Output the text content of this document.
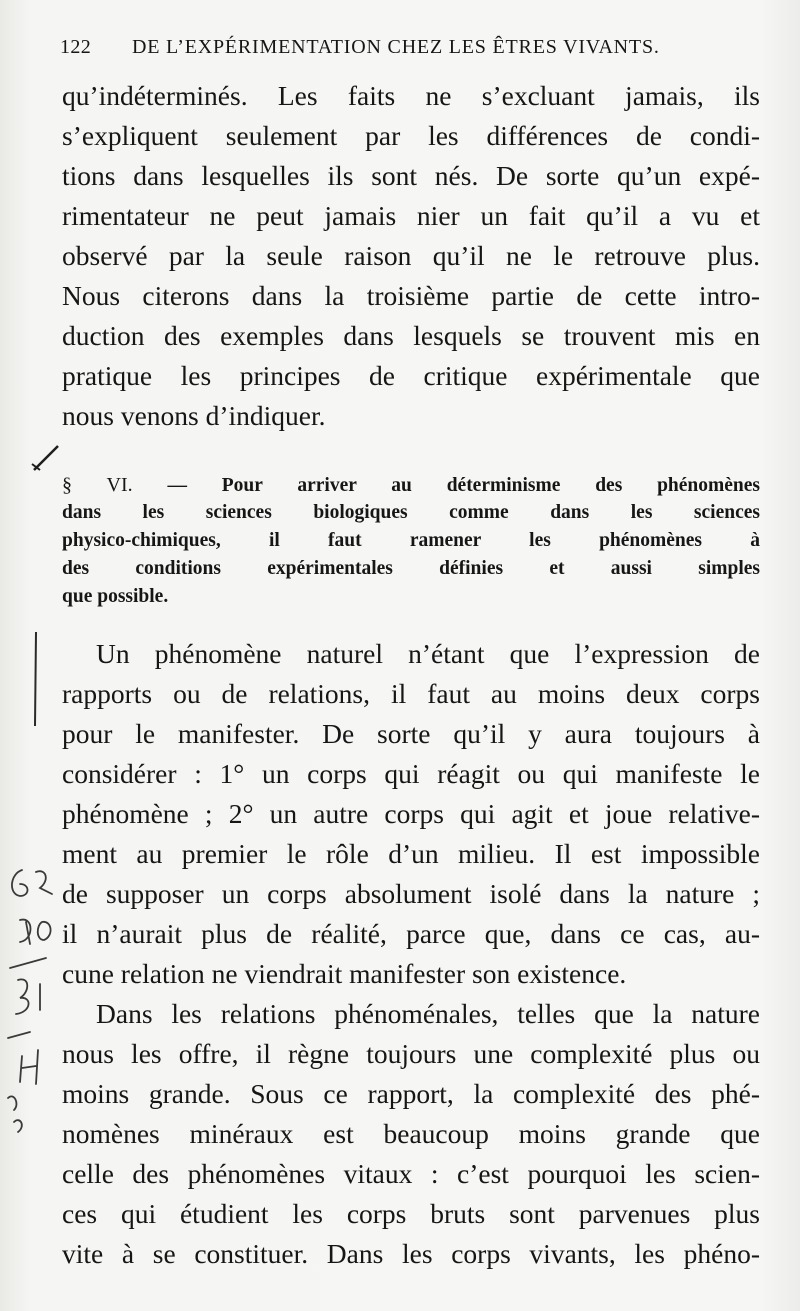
122 DE L’EXPÉRIMENTATION CHEZ LES ÊTRES VIVANTS.
qu’indéterminés. Les faits ne s’excluant jamais, ils
s’expliquent seulement par les différences de condi-
tions dans lesquelles ils sont nés. De sorte qu’un expé-
rimentateur ne peut jamais nier un fait qu’il a vu et
observé par la seule raison qu’il ne le retrouve plus.
Nous citerons dans la troisième partie de cette intro-
duction des exemples dans lesquels se trouvent mis en
pratique les principes de critique expérimentale que
nous venons d’indiquer.
§ VI. — Pour arriver au déterminisme des phénomènes
dans les sciences biologiques comme dans les sciences
physico-chimiques, il faut ramener les phénomènes à
des conditions expérimentales définies et aussi simples
que possible.
Un phénomène naturel n’étant que l’expression de
rapports ou de relations, il faut au moins deux corps
pour le manifester. De sorte qu’il y aura toujours à
considérer : 1° un corps qui réagit ou qui manifeste le
phénomène ; 2° un autre corps qui agit et joue relative-
ment au premier le rôle d’un milieu. Il est impossible
de supposer un corps absolument isolé dans la nature ;
il n’aurait plus de réalité, parce que, dans ce cas, au-
cune relation ne viendrait manifester son existence.
6 2 / 30 / 31 / H
Dans les relations phénoménales, telles que la nature
nous les offre, il règne toujours une complexité plus ou
moins grande. Sous ce rapport, la complexité des phé-
nomènes minéraux est beaucoup moins grande que
celle des phénomènes vitaux : c’est pourquoi les scien-
ces qui étudient les corps bruts sont parvenues plus
vite à se constituer. Dans les corps vivants, les phéno-
